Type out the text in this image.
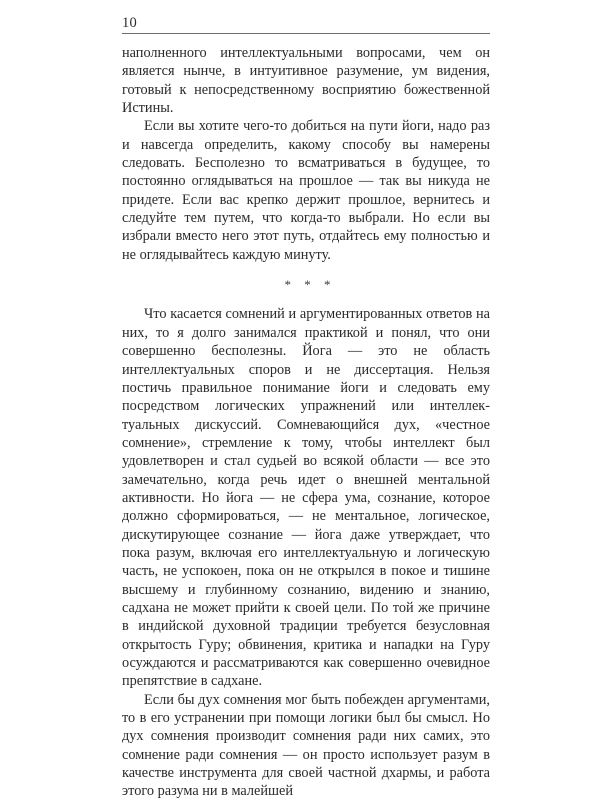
10

наполненного интеллектуальными вопросами, чем он является нынче, в интуитивное разумение, ум видения, готовый к непосредственному восприятию божественной Истины.

Если вы хотите чего-то добиться на пути йоги, надо раз и навсегда определить, какому способу вы намерены следовать. Бесполезно то всматриваться в будущее, то постоянно оглядываться на прошлое — так вы никуда не придете. Если вас крепко держит прошлое, вернитесь и следуйте тем путем, что когда-то выбрали. Но если вы избрали вместо него этот путь, отдайтесь ему полностью и не оглядывайтесь каждую минуту.

* * *

Что касается сомнений и аргументированных ответов на них, то я долго занимался практикой и понял, что они совершенно бесполезны. Йога — это не область интеллектуальных споров и не диссертация. Нельзя постичь правильное понимание йоги и следовать ему посредством логических упражнений или интеллектуальных дискуссий. Сомневающийся дух, «честное сомнение», стремление к тому, чтобы интеллект был удовлетворен и стал судьей во всякой области — все это замечательно, когда речь идет о внешней ментальной активности. Но йога — не сфера ума, сознание, которое должно сформироваться, — не ментальное, логическое, дискутирующее сознание — йога даже утверждает, что пока разум, включая его интеллектуальную и логическую часть, не успокоен, пока он не открылся в покое и тишине высшему и глубинному сознанию, видению и знанию, садхана не может прийти к своей цели. По той же причине в индийской духовной традиции требуется безусловная открытость Гуру; обвинения, критика и нападки на Гуру осуждаются и рассматриваются как совершенно очевидное препятствие в садхане.

Если бы дух сомнения мог быть побежден аргументами, то в его устранении при помощи логики был бы смысл. Но дух сомнения производит сомнения ради них самих, это сомнение ради сомнения — он просто использует разум в качестве инструмента для своей частной дхармы, и работа этого разума ни в малейшей
